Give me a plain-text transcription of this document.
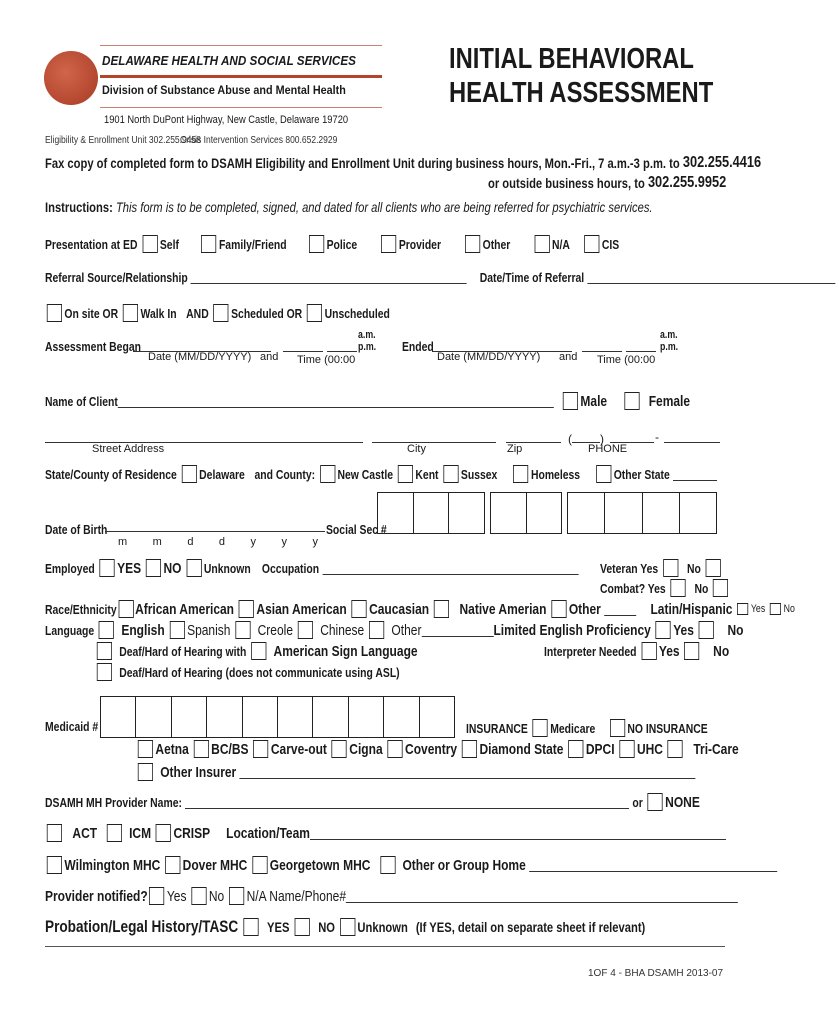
DELAWARE HEALTH AND SOCIAL SERVICES
Division of Substance Abuse and Mental Health
1901 North DuPont Highway, New Castle, Delaware 19720
Eligibility & Enrollment Unit 302.255.9458
Crisis Intervention Services 800.652.2929
INITIAL BEHAVIORAL
HEALTH ASSESSMENT
Fax copy of completed form to DSAMH Eligibility and Enrollment Unit during business hours, Mon.-Fri., 7 a.m.-3 p.m. to
302.255.4416
or outside business hours, to
302.255.9952
Instructions:
This form is to be completed, signed, and dated for all clients who are being referred for psychiatric services.
Presentation at ED Self	Family/Friend	Police	Provider	Other	N/A CIS
Referral Source/Relationship	Date/Time of Referral
On site OR Walk In AND Scheduled OR Unscheduled
Assessment Began
Date (MM/DD/YYYY) and Time (00:00
a.m.
p.m. Ended
Date (MM/DD/YYYY) and Time (00:00
a.m.
p.m.
Name of Client	Male	Female
( )	-
Street Address	City	Zip	PHONE
State/County of Residence Delaware and County: New Castle Kent Sussex	Homeless	Other State
Date of Birth
m m d d y y y
Social Sec #
Employed YES NO Unknown Occupation	Veteran Yes No
Combat? Yes No
Race/Ethnicity African American Asian American Caucasian Native Amerian Other	Latin/Hispanic Yes No
Language English Spanish Creole Chinese Other	Limited English Proficiency Yes No
Deaf/Hard of Hearing with American Sign Language	Interpreter Needed Yes No
Deaf/Hard of Hearing (does not communicate using ASL)
Medicaid #	INSURANCE Medicare NO INSURANCE
Aetna BC/BS Carve-out Cigna Coventry Diamond State DPCI UHC Tri-Care
Other Insurer
DSAMH MH Provider Name:	or NONE
ACT ICM CRISP Location/Team
Wilmington MHC Dover MHC Georgetown MHC Other or Group Home
Provider notified? Yes No N/A Name/Phone#
Probation/Legal History/TASC YES NO Unknown (If YES, detail on separate sheet if relevant)
1OF 4 - BHA DSAMH 2013-07
